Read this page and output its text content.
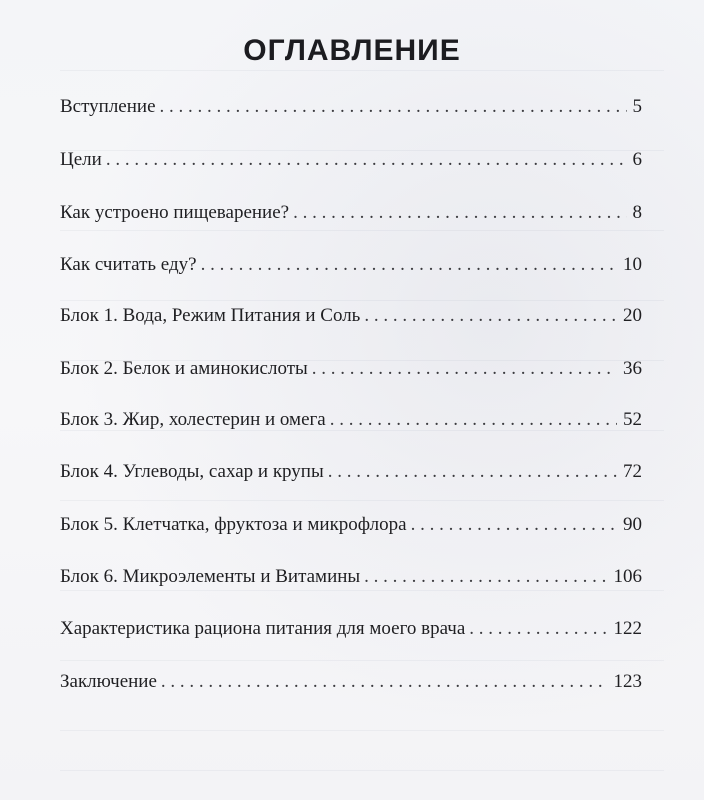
ОГЛАВЛЕНИЕ
Вступление . . .	5
Цели . . .	6
Как устроено пищеварение? . . .	8
Как считать еду? . . .	10
Блок 1. Вода, Режим Питания и Соль . . .	20
Блок 2. Белок и аминокислоты . . .	36
Блок 3. Жир, холестерин и омега . . .	52
Блок 4. Углеводы, сахар и крупы . . .	72
Блок 5. Клетчатка, фруктоза и микрофлора . . .	90
Блок 6. Микроэлементы и Витамины . . .	106
Характеристика рациона питания для моего врача . . .	122
Заключение . . .	123
